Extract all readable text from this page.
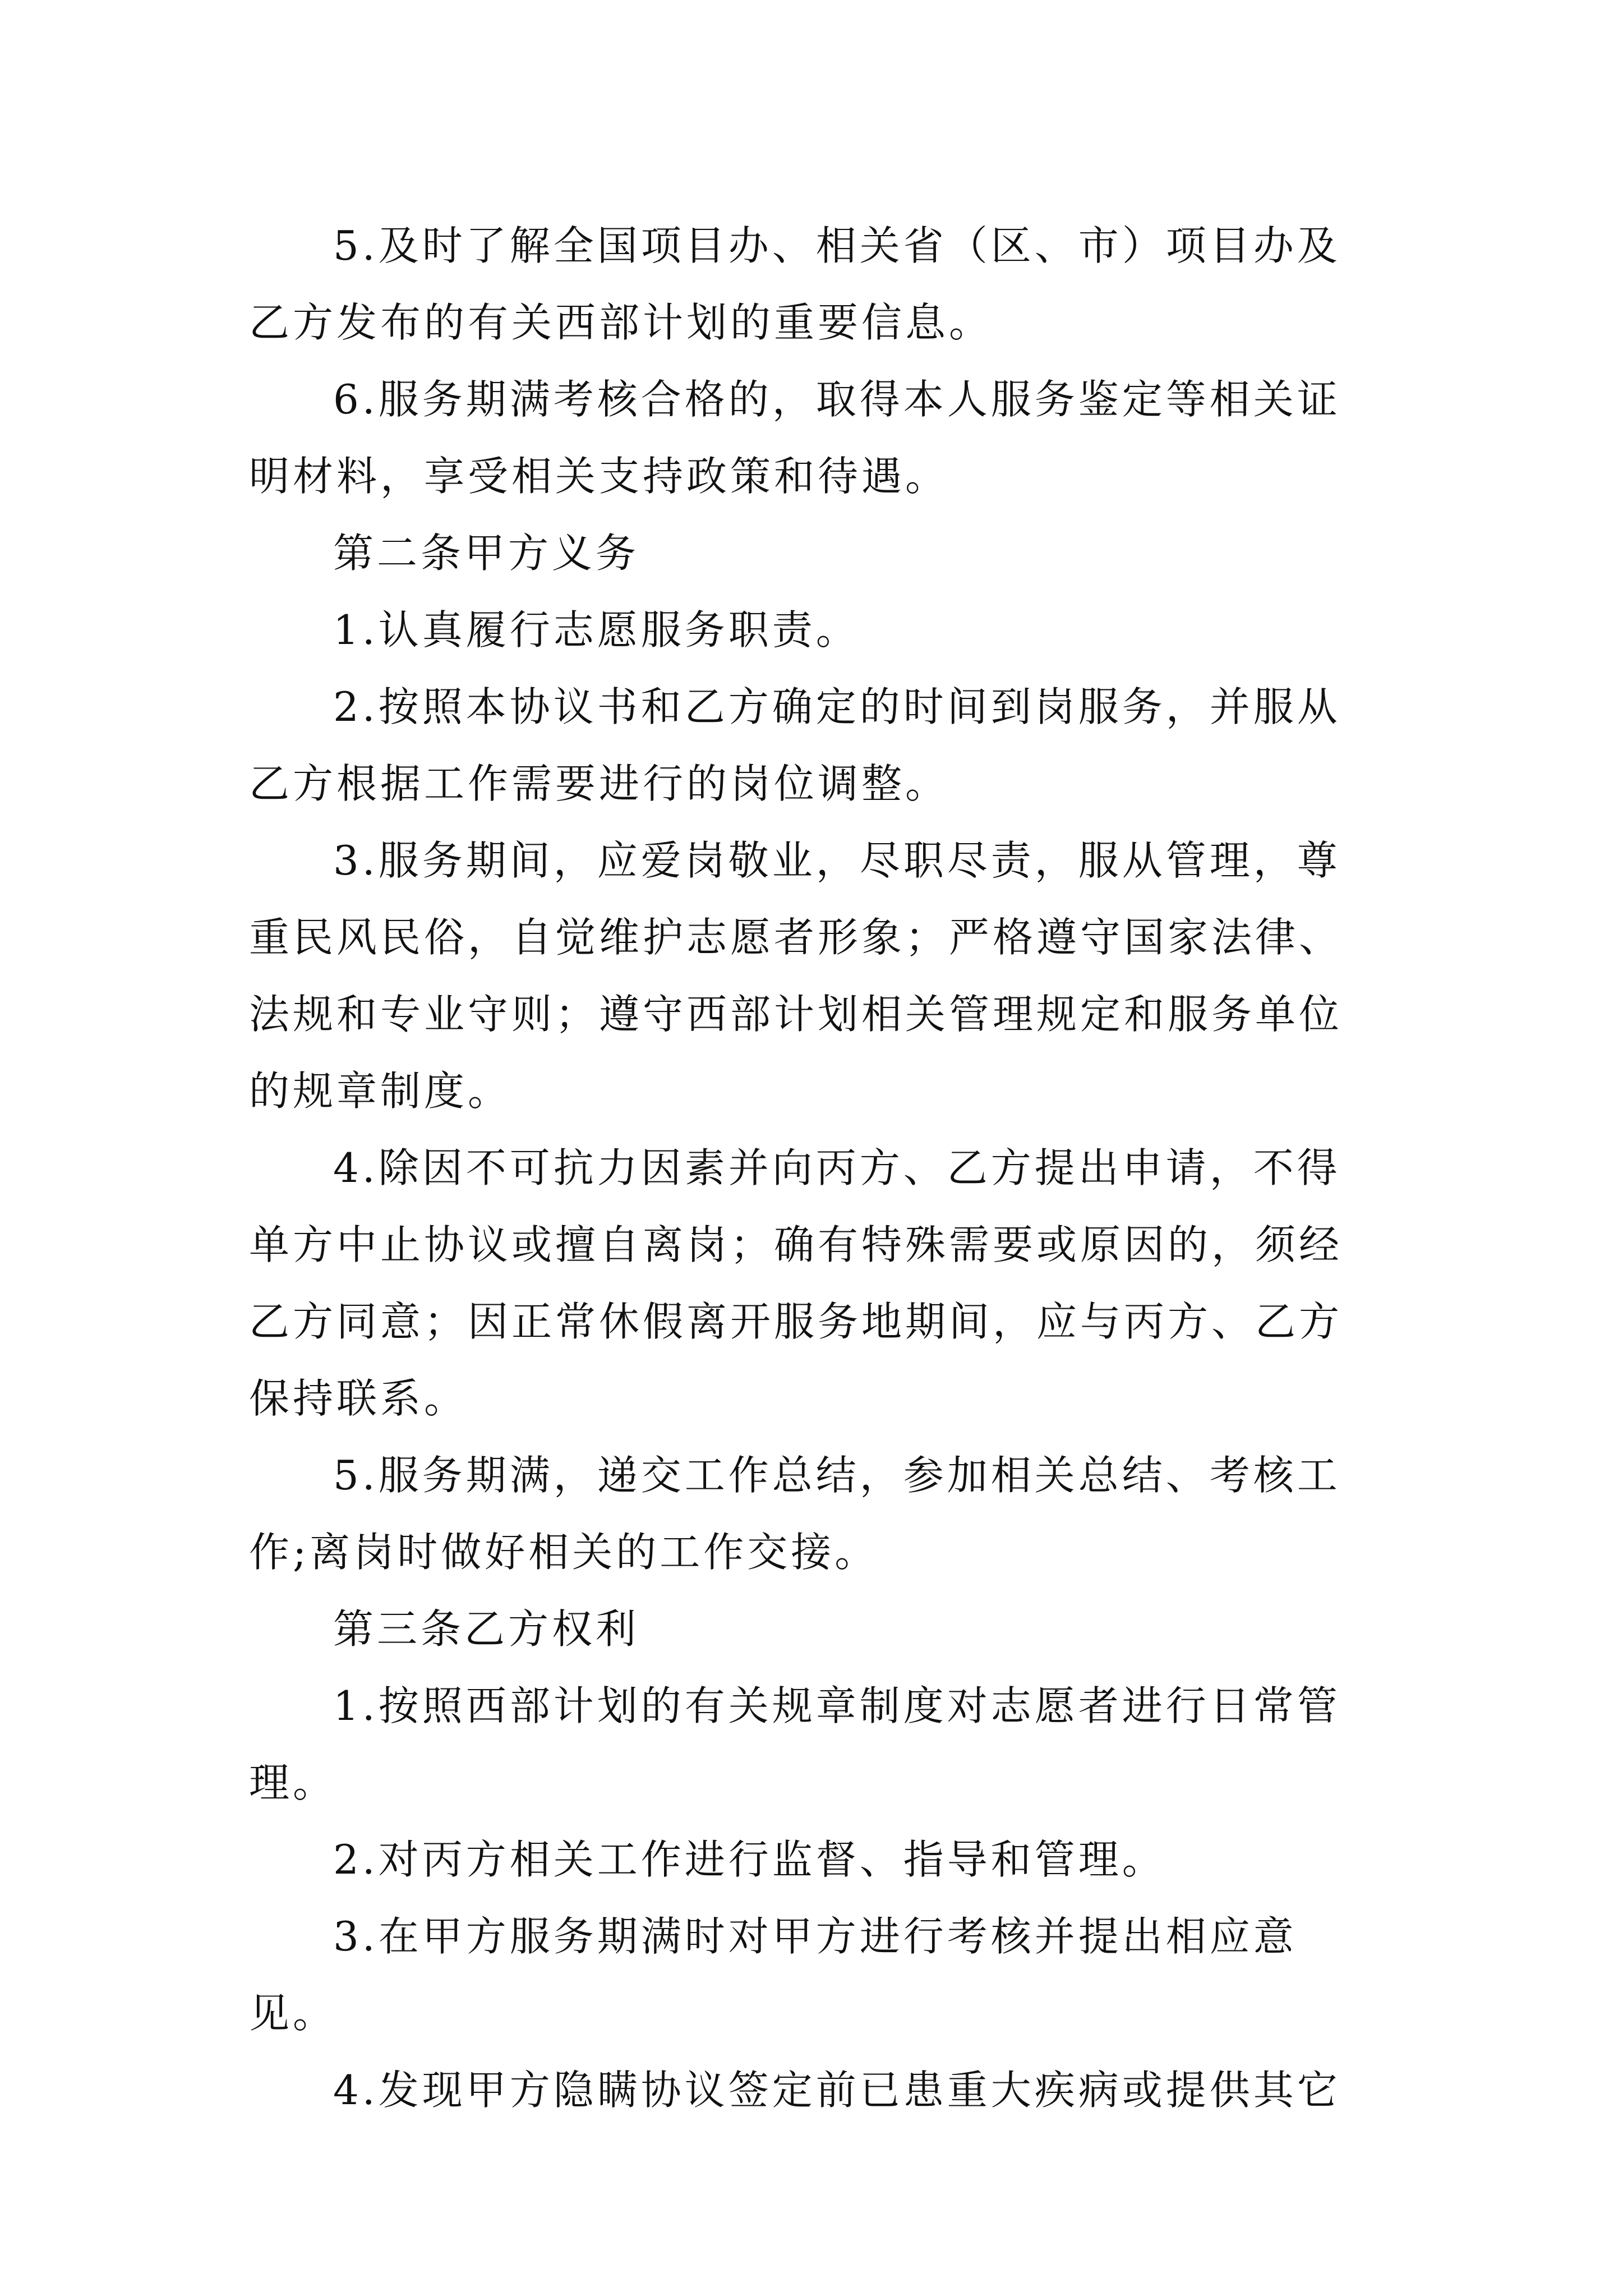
5.及时了解全国项目办、相关省（区、市）项目办及乙方发布的有关西部计划的重要信息。
6.服务期满考核合格的，取得本人服务鉴定等相关证明材料，享受相关支持政策和待遇。
第二条甲方义务
1.认真履行志愿服务职责。
2.按照本协议书和乙方确定的时间到岗服务，并服从乙方根据工作需要进行的岗位调整。
3.服务期间，应爱岗敬业，尽职尽责，服从管理，尊重民风民俗，自觉维护志愿者形象；严格遵守国家法律、法规和专业守则；遵守西部计划相关管理规定和服务单位的规章制度。
4.除因不可抗力因素并向丙方、乙方提出申请，不得单方中止协议或擅自离岗；确有特殊需要或原因的，须经乙方同意；因正常休假离开服务地期间，应与丙方、乙方保持联系。
5.服务期满，递交工作总结，参加相关总结、考核工作;离岗时做好相关的工作交接。
第三条乙方权利
1.按照西部计划的有关规章制度对志愿者进行日常管理。
2.对丙方相关工作进行监督、指导和管理。
3.在甲方服务期满时对甲方进行考核并提出相应意见。
4.发现甲方隐瞒协议签定前已患重大疾病或提供其它
